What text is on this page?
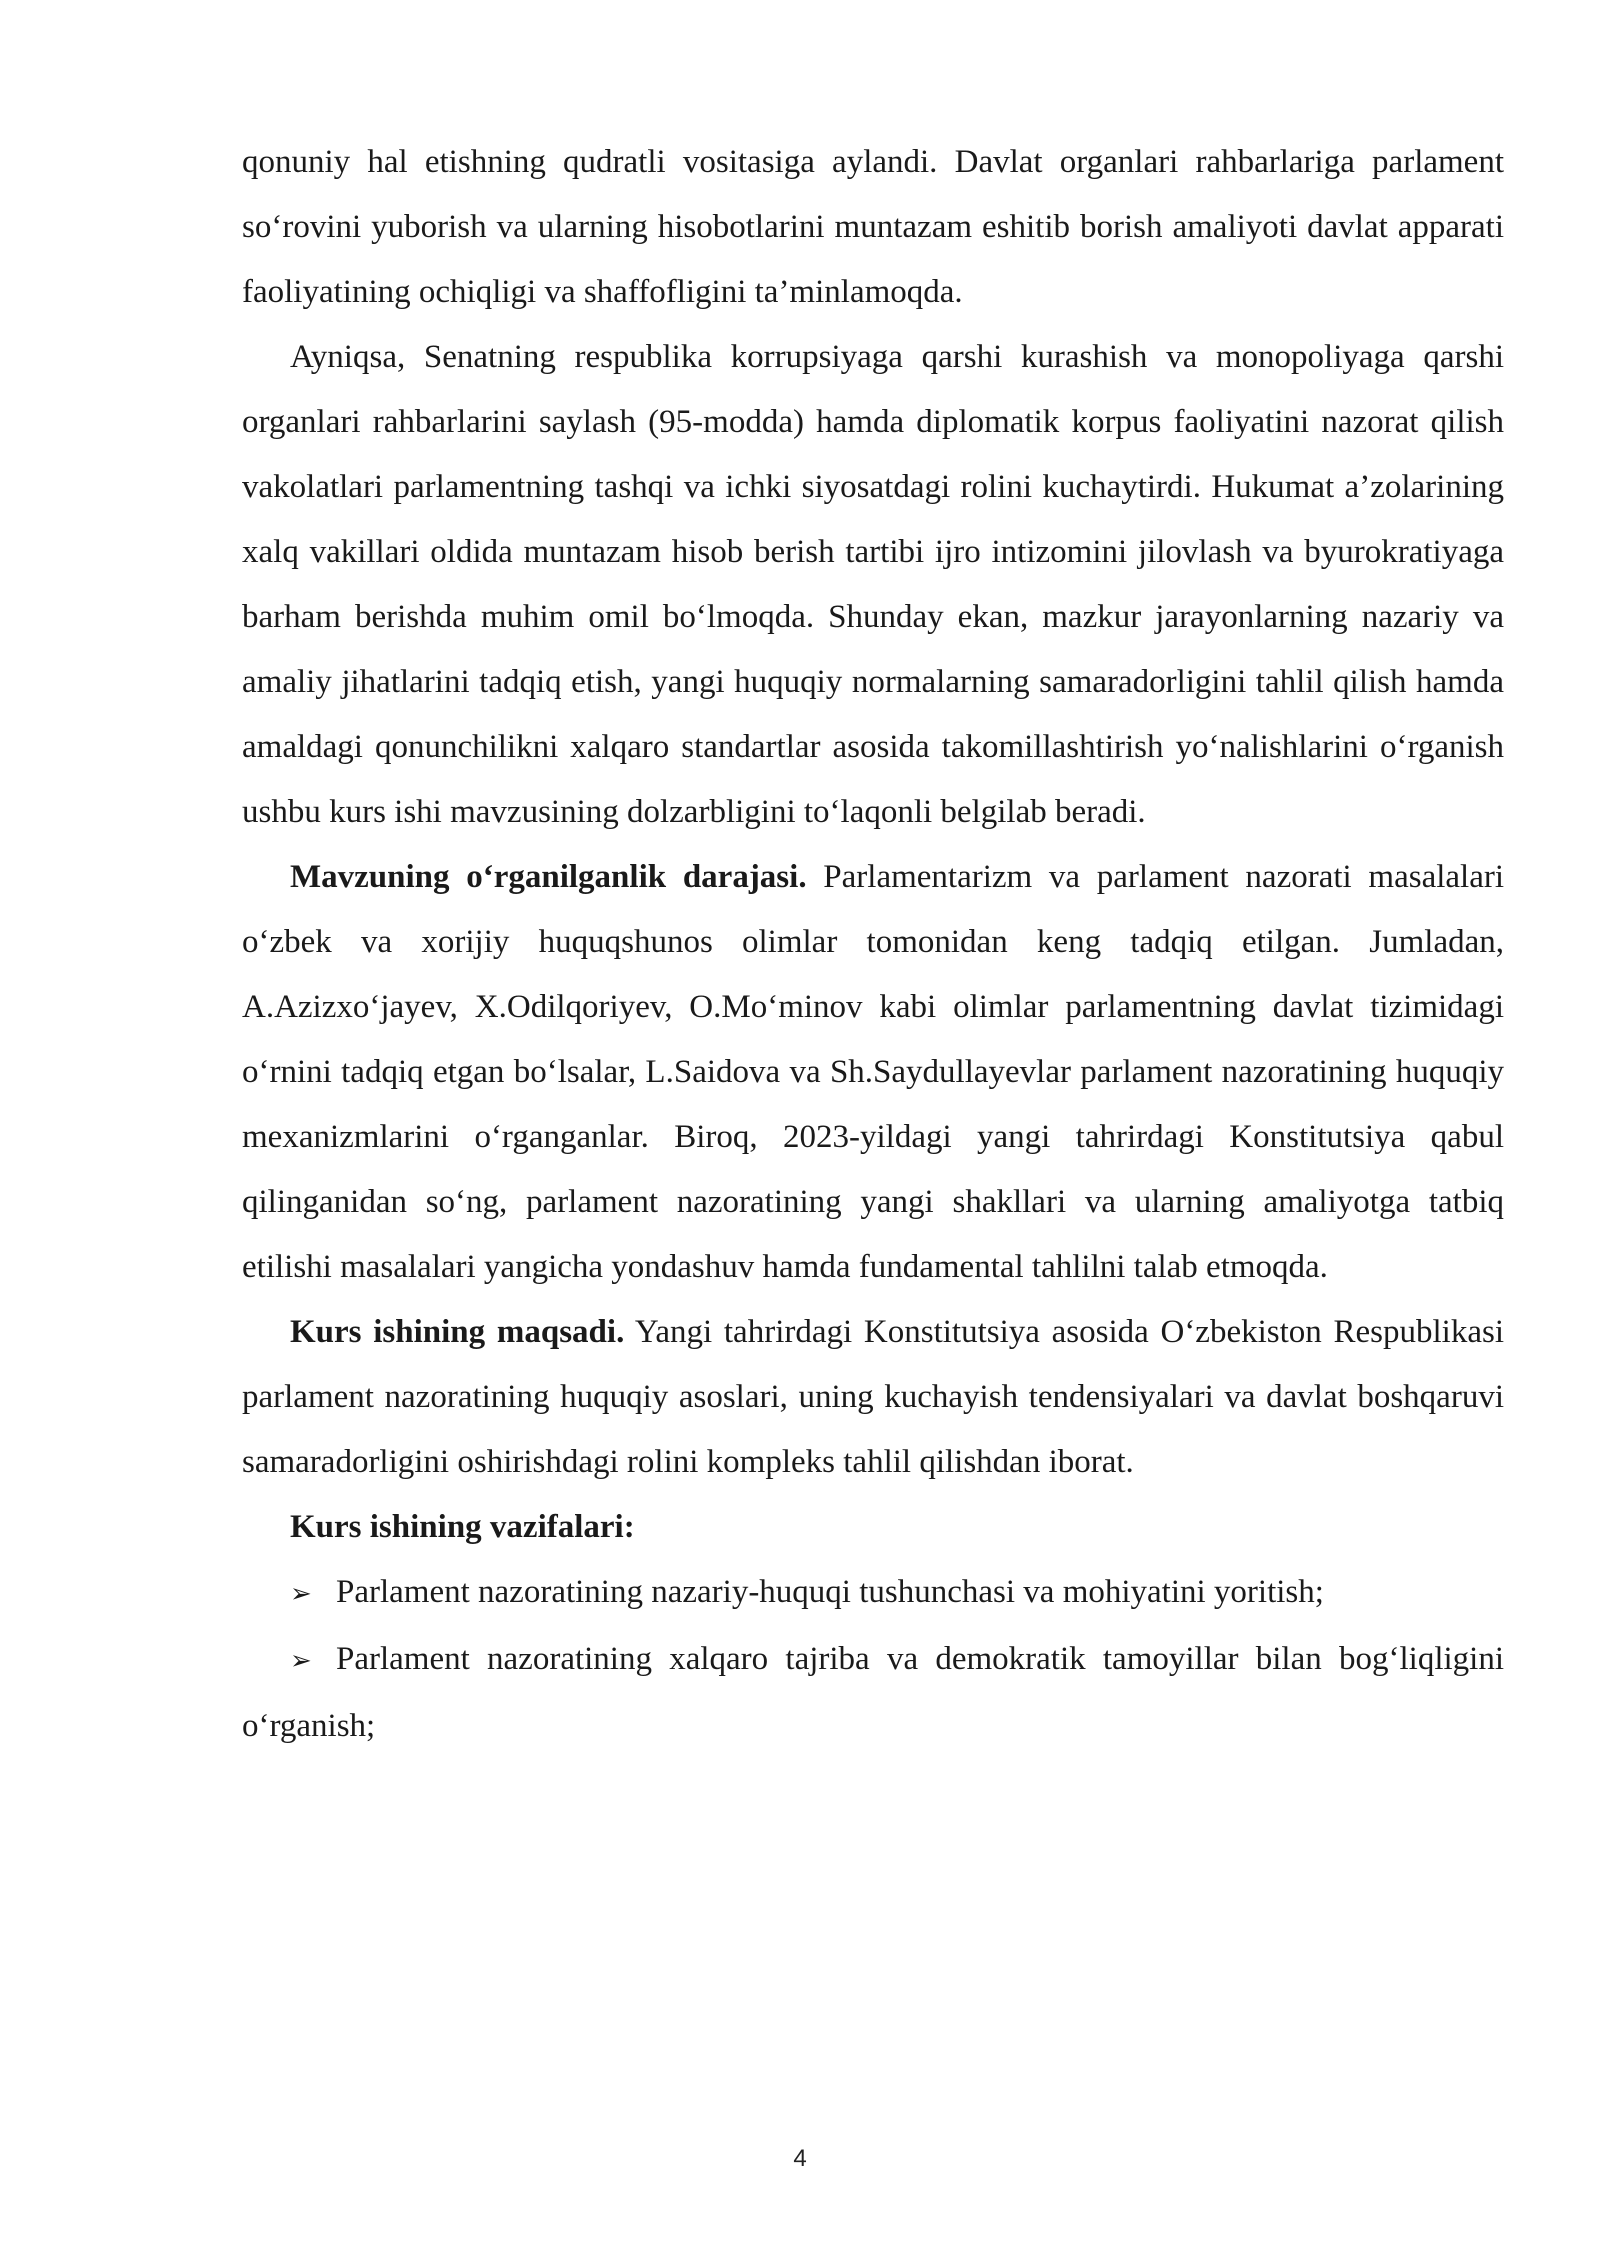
qonuniy hal etishning qudratli vositasiga aylandi. Davlat organlari rahbarlariga parlament so‘rovini yuborish va ularning hisobotlarini muntazam eshitib borish amaliyoti davlat apparati faoliyatining ochiqligi va shaffofligini ta’minlamoqda.

Ayniqsa, Senatning respublika korrupsiyaga qarshi kurashish va monopoliyaga qarshi organlari rahbarlarini saylash (95-modda) hamda diplomatik korpus faoliyatini nazorat qilish vakolatlari parlamentning tashqi va ichki siyosatdagi rolini kuchaytirdi. Hukumat a’zolarining xalq vakillari oldida muntazam hisob berish tartibi ijro intizomini jilovlash va byurokratiyaga barham berishda muhim omil bo‘lmoqda. Shunday ekan, mazkur jarayonlarning nazariy va amaliy jihatlarini tadqiq etish, yangi huquqiy normalarning samaradorligini tahlil qilish hamda amaldagi qonunchilikni xalqaro standartlar asosida takomillashtirish yo‘nalishlarini o‘rganish ushbu kurs ishi mavzusining dolzarbligini to‘laqonli belgilab beradi.

Mavzuning o‘rganilganlik darajasi. Parlamentarizm va parlament nazorati masalalari o‘zbek va xorijiy huquqshunos olimlar tomonidan keng tadqiq etilgan. Jumladan, A.Azizxo‘jayev, X.Odilqoriyev, O.Mo‘minov kabi olimlar parlamentning davlat tizimidagi o‘rnini tadqiq etgan bo‘lsalar, L.Saidova va Sh.Saydullayevlar parlament nazoratining huquqiy mexanizmlarini o‘rganganlar. Biroq, 2023-yildagi yangi tahrirdagi Konstitutsiya qabul qilinganidan so‘ng, parlament nazoratining yangi shakllari va ularning amaliyotga tatbiq etilishi masalalari yangicha yondashuv hamda fundamental tahlilni talab etmoqda.

Kurs ishining maqsadi. Yangi tahrirdagi Konstitutsiya asosida O‘zbekiston Respublikasi parlament nazoratining huquqiy asoslari, uning kuchayish tendensiyalari va davlat boshqaruvi samaradorligini oshirishdagi rolini kompleks tahlil qilishdan iborat.

Kurs ishining vazifalari:

➢ Parlament nazoratining nazariy-huquqi tushunchasi va mohiyatini yoritish;

➢ Parlament nazoratining xalqaro tajriba va demokratik tamoyillar bilan bog‘liqligini o‘rganish;

4
